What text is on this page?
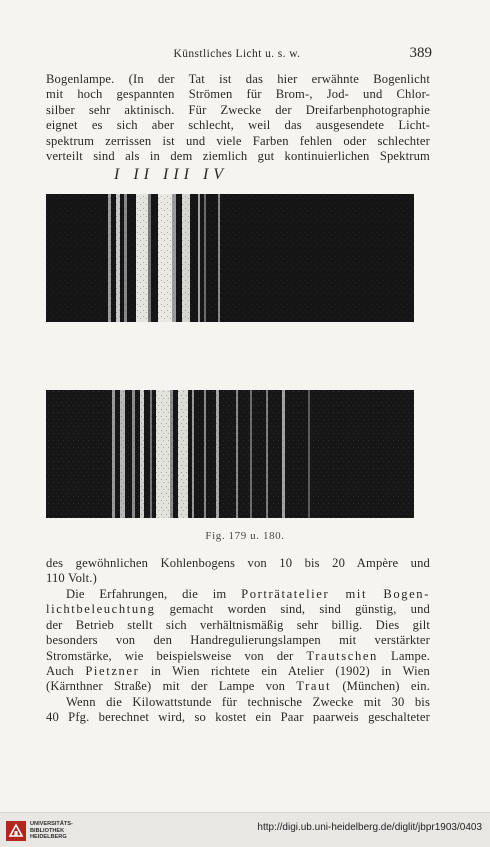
Künstliches Licht u. s. w.	389
Bogenlampe. (In der Tat ist das hier erwähnte Bogenlicht
mit hoch gespannten Strömen für Brom-, Jod- und Chlor-
silber sehr aktinisch. Für Zwecke der Dreifarbenphotographie
eignet es sich aber schlecht, weil das ausgesendete Licht-
spektrum zerrissen ist und viele Farben fehlen oder schlechter
verteilt sind als in dem ziemlich gut kontinuierlichen Spektrum
I II III IV
Fig. 179 u. 180.
des gewöhnlichen Kohlenbogens von 10 bis 20 Ampère und
110 Volt.)
Die Erfahrungen, die im Porträtatelier mit Bogen-
lichtbeleuchtung gemacht worden sind, sind günstig, und
der Betrieb stellt sich verhältnismäßig sehr billig. Dies gilt
besonders von den Handregulierungslampen mit verstärkter
Stromstärke, wie beispielsweise von der Trautschen Lampe.
Auch Pietzner in Wien richtete ein Atelier (1902) in Wien
(Kärnthner Straße) mit der Lampe von Traut (München) ein.
Wenn die Kilowattstunde für technische Zwecke mit 30 bis
40 Pfg. berechnet wird, so kostet ein Paar paarweis geschalteter
UNIVERSITÄTS-
BIBLIOTHEK
HEIDELBERG
http://digi.ub.uni-heidelberg.de/diglit/jbpr1903/0403
